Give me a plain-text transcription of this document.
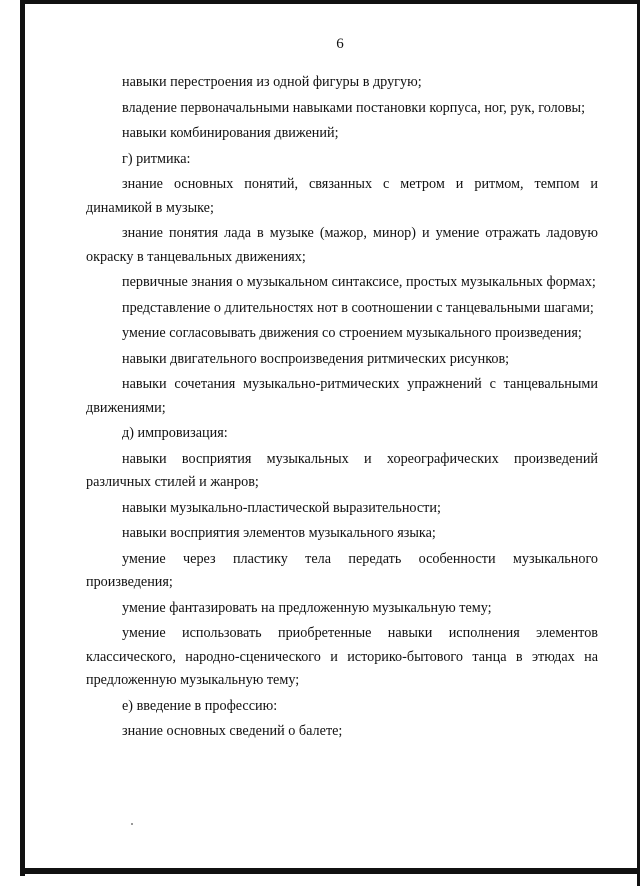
6

навыки перестроения из одной фигуры в другую;

владение первоначальными навыками постановки корпуса, ног, рук, головы;

навыки комбинирования движений;

г) ритмика:

знание основных понятий, связанных с метром и ритмом, темпом и динамикой в музыке;

знание понятия лада в музыке (мажор, минор) и умение отражать ладовую окраску в танцевальных движениях;

первичные знания о музыкальном синтаксисе, простых музыкальных формах;

представление о длительностях нот в соотношении с танцевальными шагами;

умение согласовывать движения со строением музыкального произведения;

навыки двигательного воспроизведения ритмических рисунков;

навыки сочетания музыкально-ритмических упражнений с танцевальными движениями;

д) импровизация:

навыки восприятия музыкальных и хореографических произведений различных стилей и жанров;

навыки музыкально-пластической выразительности;

навыки восприятия элементов музыкального языка;

умение через пластику тела передать особенности музыкального произведения;

умение фантазировать на предложенную музыкальную тему;

умение использовать приобретенные навыки исполнения элементов классического, народно-сценического и историко-бытового танца в этюдах на предложенную музыкальную тему;

е) введение в профессию:

знание основных сведений о балете;
